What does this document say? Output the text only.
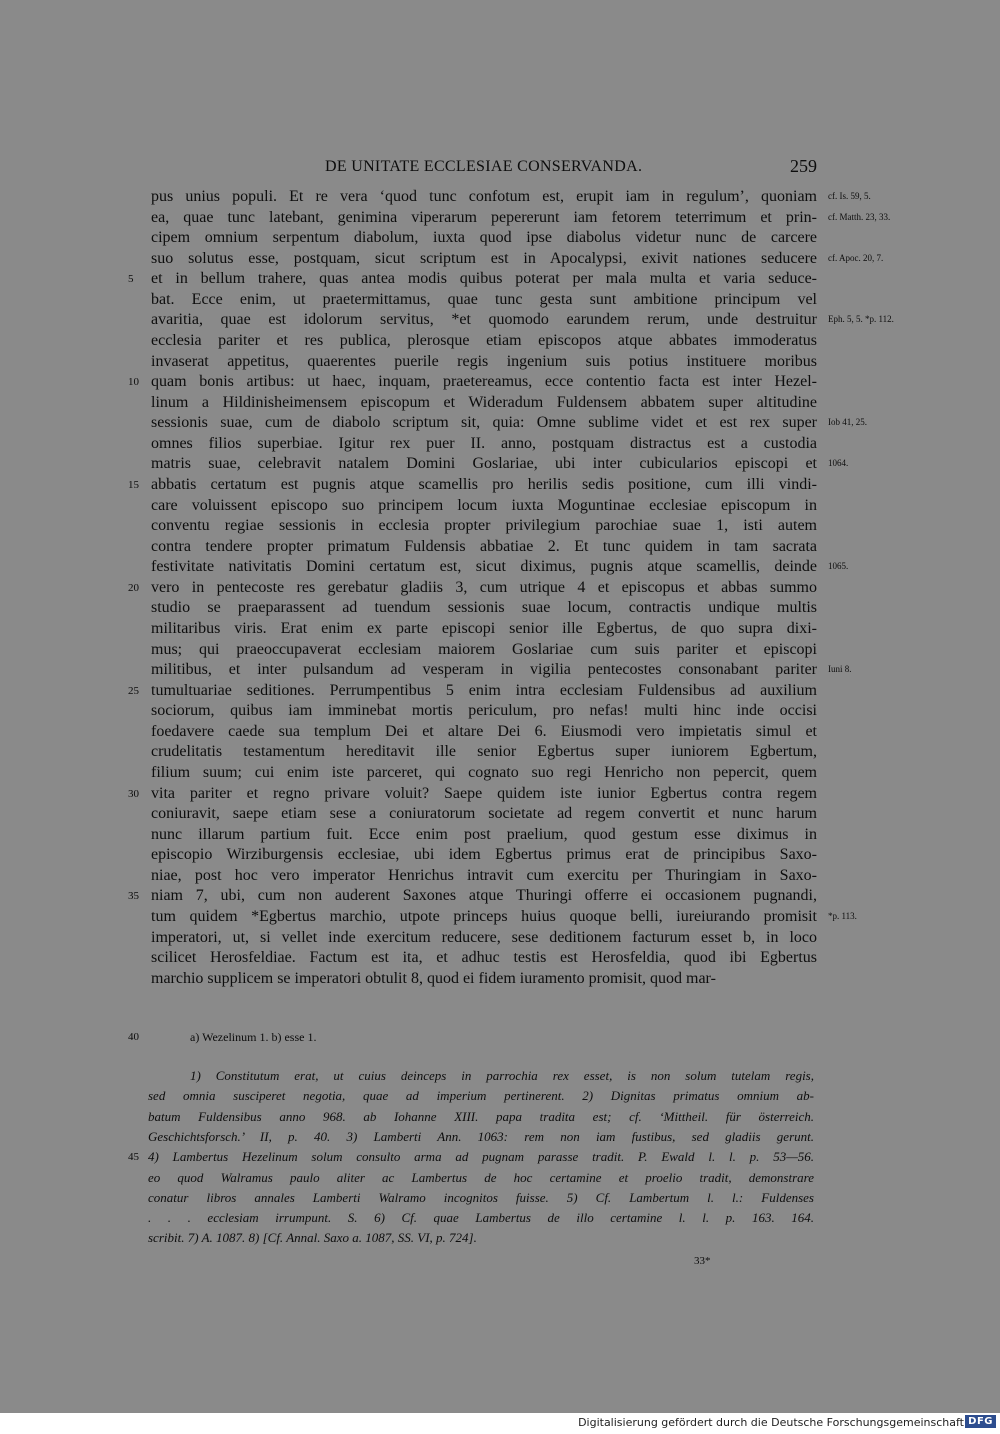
DE UNITATE ECCLESIAE CONSERVANDA.	259
pus unius populi. Et re vera ‘quod tunc confotum est, erupit iam in regulum’, quoniam
ea, quae tunc latebant, genimina viperarum pepererunt iam fetorem teterrimum et prin-
cipem omnium serpentum diabolum, iuxta quod ipse diabolus videtur nunc de carcere
suo solutus esse, postquam, sicut scriptum est in Apocalypsi, exivit nationes seducere
et in bellum trahere, quas antea modis quibus poterat per mala multa et varia seduce-
bat. Ecce enim, ut praetermittamus, quae tunc gesta sunt ambitione principum vel
avaritia, quae est idolorum servitus, *et quomodo earundem rerum, unde destruitur
ecclesia pariter et res publica, plerosque etiam episcopos atque abbates immoderatus
invaserat appetitus, quaerentes puerile regis ingenium suis potius instituere moribus
quam bonis artibus: ut haec, inquam, praetereamus, ecce contentio facta est inter Hezel-
linum a Hildinisheimensem episcopum et Wideradum Fuldensem abbatem super altitudine
sessionis suae, cum de diabolo scriptum sit, quia: Omne sublime videt et est rex super
omnes filios superbiae. Igitur rex puer II. anno, postquam distractus est a custodia
matris suae, celebravit natalem Domini Goslariae, ubi inter cubicularios episcopi et
abbatis certatum est pugnis atque scamellis pro herilis sedis positione, cum illi vindi-
care voluissent episcopo suo principem locum iuxta Moguntinae ecclesiae episcopum in
conventu regiae sessionis in ecclesia propter privilegium parochiae suae 1, isti autem
contra tendere propter primatum Fuldensis abbatiae 2. Et tunc quidem in tam sacrata
festivitate nativitatis Domini certatum est, sicut diximus, pugnis atque scamellis, deinde
vero in pentecoste res gerebatur gladiis 3, cum utrique 4 et episcopus et abbas summo
studio se praeparassent ad tuendum sessionis suae locum, contractis undique multis
militaribus viris. Erat enim ex parte episcopi senior ille Egbertus, de quo supra dixi-
mus; qui praeoccupaverat ecclesiam maiorem Goslariae cum suis pariter et episcopi
militibus, et inter pulsandum ad vesperam in vigilia pentecostes consonabant pariter
tumultuariae seditiones. Perrumpentibus 5 enim intra ecclesiam Fuldensibus ad auxilium
sociorum, quibus iam imminebat mortis periculum, pro nefas! multi hinc inde occisi
foedavere caede sua templum Dei et altare Dei 6. Eiusmodi vero impietatis simul et
crudelitatis testamentum hereditavit ille senior Egbertus super iuniorem Egbertum,
filium suum; cui enim iste parceret, qui cognato suo regi Henricho non pepercit, quem
vita pariter et regno privare voluit? Saepe quidem iste iunior Egbertus contra regem
coniuravit, saepe etiam sese a coniuratorum societate ad regem convertit et nunc harum
nunc illarum partium fuit. Ecce enim post praelium, quod gestum esse diximus in
episcopio Wirziburgensis ecclesiae, ubi idem Egbertus primus erat de principibus Saxo-
niae, post hoc vero imperator Henrichus intravit cum exercitu per Thuringiam in Saxo-
niam 7, ubi, cum non auderent Saxones atque Thuringi offerre ei occasionem pugnandi,
tum quidem *Egbertus marchio, utpote princeps huius quoque belli, iureiurando promisit
imperatori, ut, si vellet inde exercitum reducere, sese deditionem facturum esset b, in loco
scilicet Herosfeldiae. Factum est ita, et adhuc testis est Herosfeldia, quod ibi Egbertus
marchio supplicem se imperatori obtulit 8, quod ei fidem iuramento promisit, quod mar-
5
10
15
20
25
30
35
cf. Is. 59, 5.
cf. Matth. 23, 33.
cf. Apoc. 20, 7.
Eph. 5, 5. *p. 112.
Iob 41, 25.
1064.
1065.
Iuni 8.
*p. 113.
40	a) Wezelinum 1. b) esse 1.
1) Constitutum erat, ut cuius deinceps in parrochia rex esset, is non solum tutelam regis,
sed omnia susciperet negotia, quae ad imperium pertinerent. 2) Dignitas primatus omnium ab-
batum Fuldensibus anno 968. ab Iohanne XIII. papa tradita est; cf. ‘Mittheil. für österreich.
Geschichtsforsch.’ II, p. 40. 3) Lamberti Ann. 1063: rem non iam fustibus, sed gladiis gerunt.
4) Lambertus Hezelinum solum consulto arma ad pugnam parasse tradit. P. Ewald l. l. p. 53—56.
eo quod Walramus paulo aliter ac Lambertus de hoc certamine et proelio tradit, demonstrare
conatur libros annales Lamberti Walramo incognitos fuisse. 5) Cf. Lambertum l. l.: Fuldenses
. . . ecclesiam irrumpunt. S. 6) Cf. quae Lambertus de illo certamine l. l. p. 163. 164.
scribit. 7) A. 1087. 8) [Cf. Annal. Saxo a. 1087, SS. VI, p. 724].
45
33*
Digitalisierung gefördert durch die Deutsche Forschungsgemeinschaft DFG
